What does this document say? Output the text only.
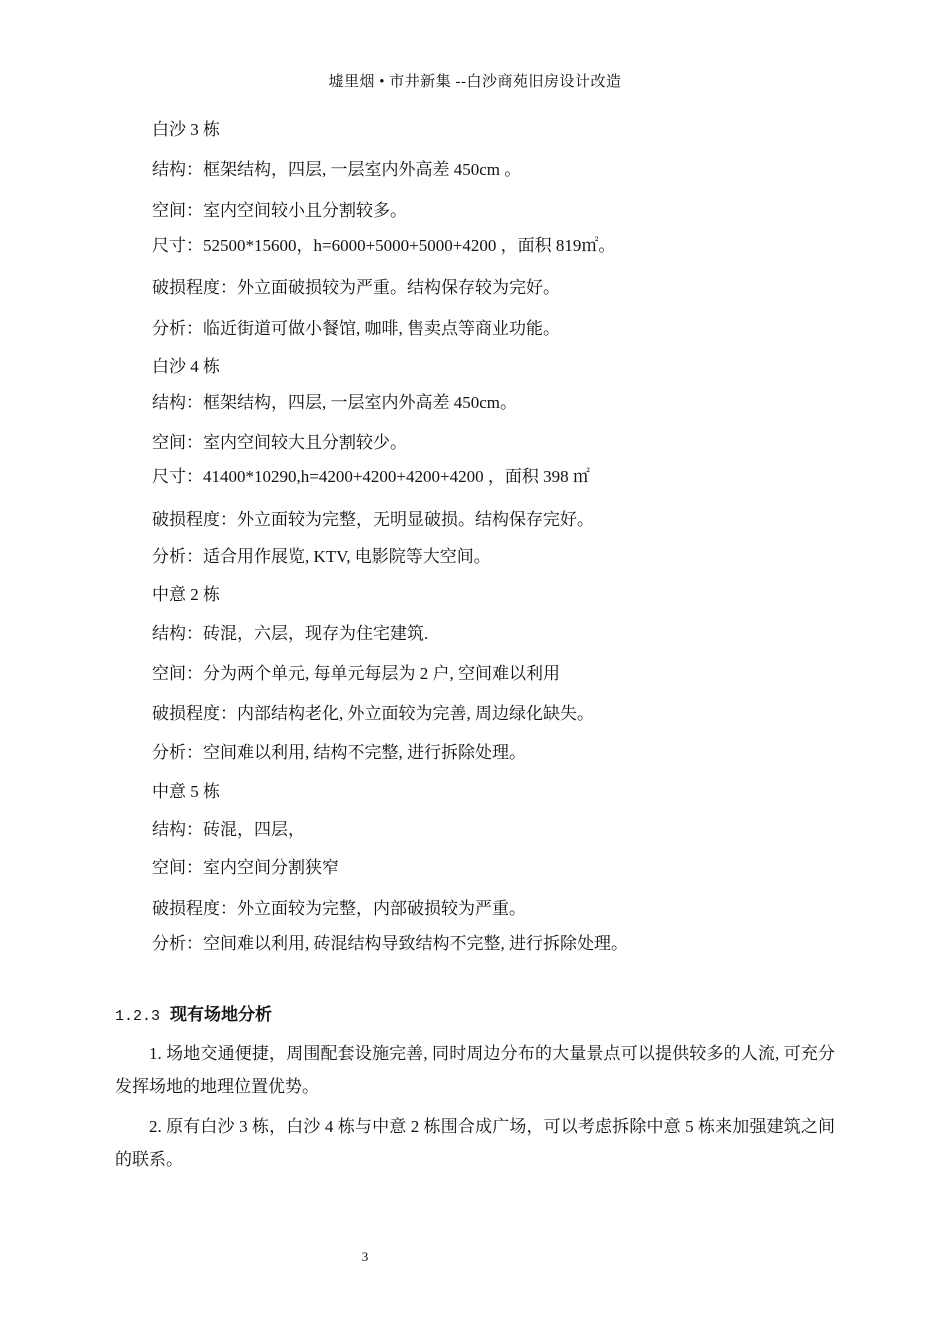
墟里烟 • 市井新集 --白沙商苑旧房设计改造
白沙 3 栋
结构：框架结构，四层, 一层室内外高差 450cm 。
空间：室内空间较小且分割较多。
尺寸：52500*15600，h=6000+5000+5000+4200 ，面积 819㎡。
破损程度：外立面破损较为严重。结构保存较为完好。
分析：临近街道可做小餐馆, 咖啡, 售卖点等商业功能。
白沙 4 栋
结构：框架结构，四层, 一层室内外高差 450cm。
空间：室内空间较大且分割较少。
尺寸：41400*10290,h=4200+4200+4200+4200 ，面积 398 ㎡
破损程度：外立面较为完整，无明显破损。结构保存完好。
分析：适合用作展览, KTV, 电影院等大空间。
中意 2 栋
结构：砖混，六层，现存为住宅建筑.
空间：分为两个单元, 每单元每层为 2 户, 空间难以利用
破损程度：内部结构老化, 外立面较为完善, 周边绿化缺失。
分析：空间难以利用, 结构不完整, 进行拆除处理。
中意 5 栋
结构：砖混，四层，
空间：室内空间分割狭窄
破损程度：外立面较为完整，内部破损较为严重。
分析：空间难以利用, 砖混结构导致结构不完整, 进行拆除处理。
1.2.3 现有场地分析
1. 场地交通便捷，周围配套设施完善, 同时周边分布的大量景点可以提供较多的人流, 可充分发挥场地的地理位置优势。
2. 原有白沙 3 栋，白沙 4 栋与中意 2 栋围合成广场，可以考虑拆除中意 5 栋来加强建筑之间的联系。
3
